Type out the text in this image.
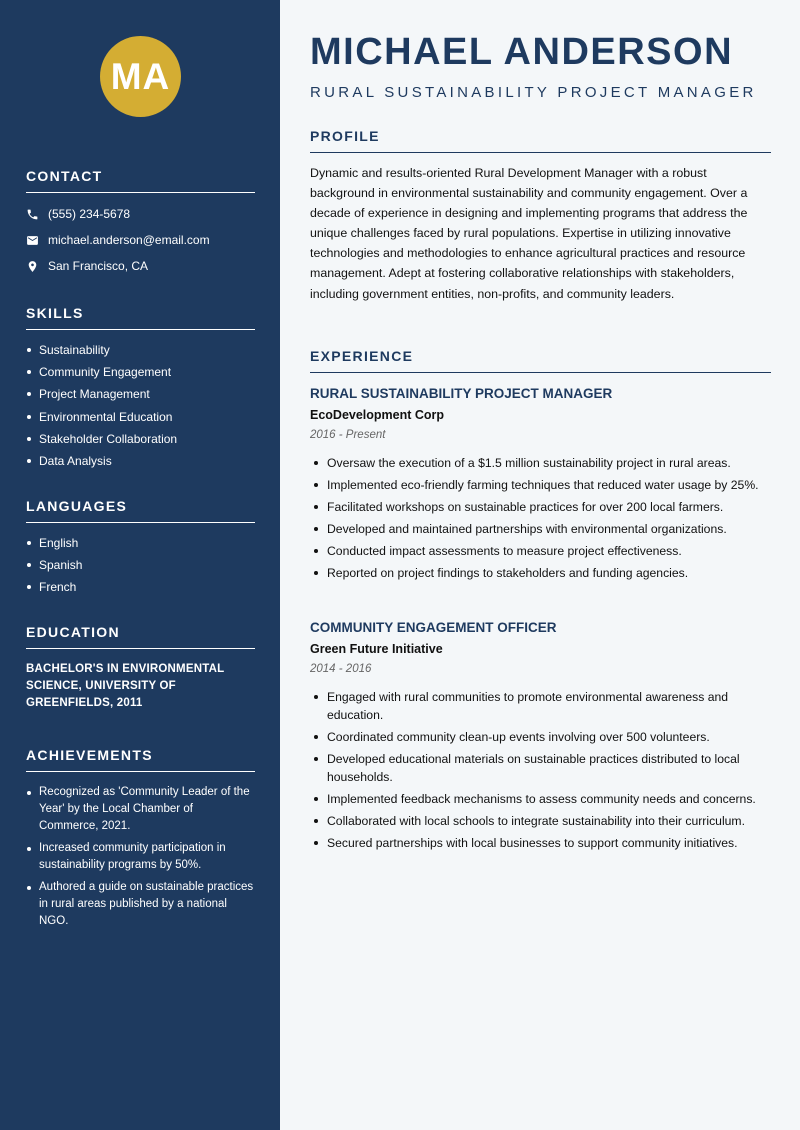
MA
CONTACT
(555) 234-5678
michael.anderson@email.com
San Francisco, CA
SKILLS
Sustainability
Community Engagement
Project Management
Environmental Education
Stakeholder Collaboration
Data Analysis
LANGUAGES
English
Spanish
French
EDUCATION

BACHELOR'S IN ENVIRONMENTAL SCIENCE, UNIVERSITY OF GREENFIELDS, 2011

ACHIEVEMENTS
Recognized as 'Community Leader of the Year' by the Local Chamber of Commerce, 2021.
Increased community participation in sustainability programs by 50%.
Authored a guide on sustainable practices in rural areas published by a national NGO.
MICHAEL ANDERSON
RURAL SUSTAINABILITY PROJECT MANAGER
PROFILE

Dynamic and results-oriented Rural Development Manager with a robust background in environmental sustainability and community engagement. Over a decade of experience in designing and implementing programs that address the unique challenges faced by rural populations. Expertise in utilizing innovative technologies and methodologies to enhance agricultural practices and resource management. Adept at fostering collaborative relationships with stakeholders, including government entities, non-profits, and community leaders.

EXPERIENCE
RURAL SUSTAINABILITY PROJECT MANAGER
EcoDevelopment Corp
2016 - Present
Oversaw the execution of a $1.5 million sustainability project in rural areas.
Implemented eco-friendly farming techniques that reduced water usage by 25%.
Facilitated workshops on sustainable practices for over 200 local farmers.
Developed and maintained partnerships with environmental organizations.
Conducted impact assessments to measure project effectiveness.
Reported on project findings to stakeholders and funding agencies.
COMMUNITY ENGAGEMENT OFFICER
Green Future Initiative
2014 - 2016
Engaged with rural communities to promote environmental awareness and education.
Coordinated community clean-up events involving over 500 volunteers.
Developed educational materials on sustainable practices distributed to local households.
Implemented feedback mechanisms to assess community needs and concerns.
Collaborated with local schools to integrate sustainability into their curriculum.
Secured partnerships with local businesses to support community initiatives.
